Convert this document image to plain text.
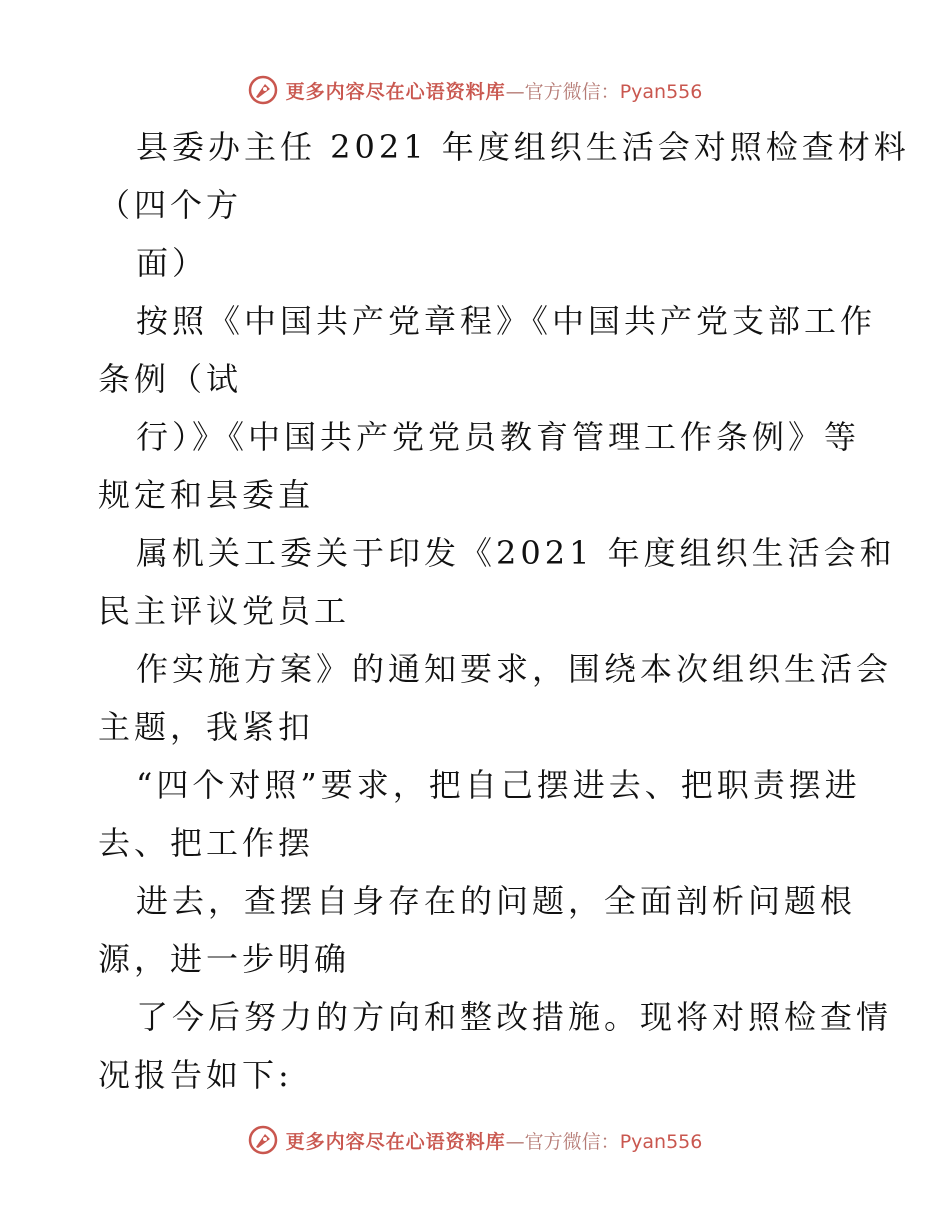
更多内容尽在心语资料库—官方微信：Pyan556
县委办主任 2021 年度组织生活会对照检查材料
（四个方
面）
按照《中国共产党章程》《中国共产党支部工作
条例（试
行）》《中国共产党党员教育管理工作条例》等
规定和县委直
属机关工委关于印发《2021 年度组织生活会和
民主评议党员工
作实施方案》的通知要求，围绕本次组织生活会
主题，我紧扣
“四个对照”要求，把自己摆进去、把职责摆进
去、把工作摆
进去，查摆自身存在的问题，全面剖析问题根
源，进一步明确
了今后努力的方向和整改措施。现将对照检查情
况报告如下:
更多内容尽在心语资料库—官方微信：Pyan556
